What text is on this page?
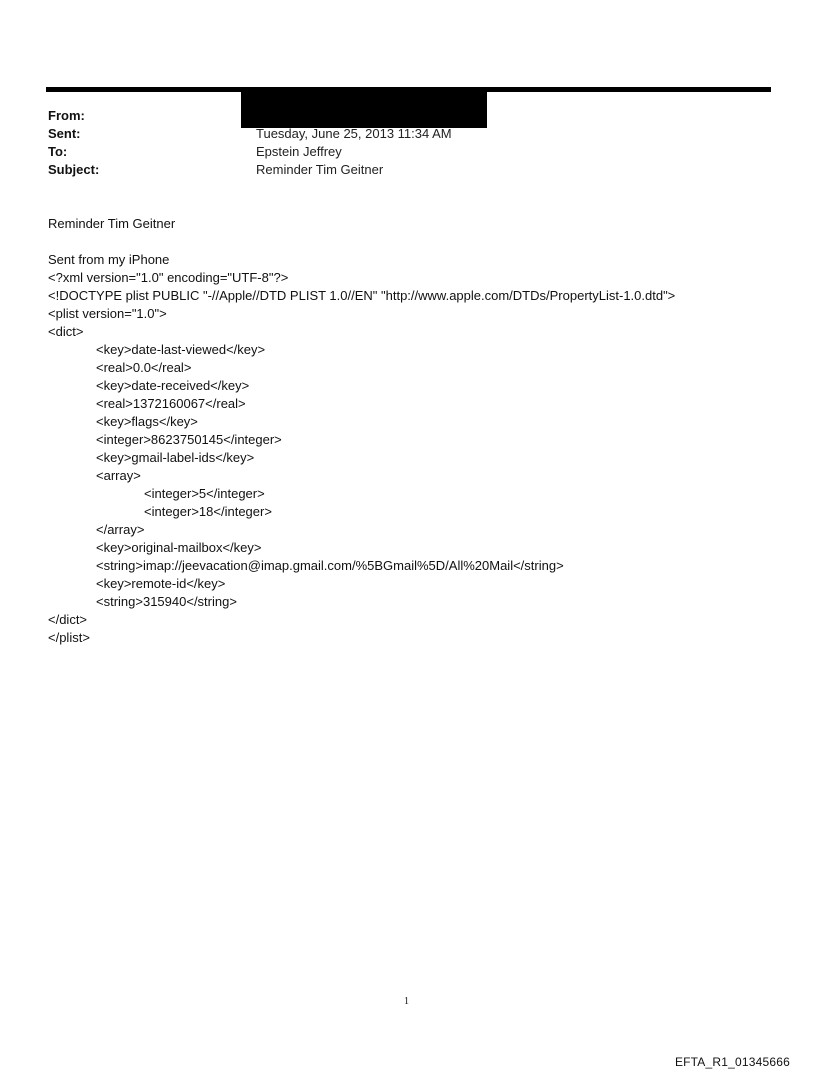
From:
Sent:	Tuesday, June 25, 2013 11:34 AM
To:	Epstein Jeffrey
Subject:	Reminder Tim Geitner
Reminder Tim Geitner
Sent from my iPhone
<?xml version="1.0" encoding="UTF-8"?>
<!DOCTYPE plist PUBLIC "-//Apple//DTD PLIST 1.0//EN" "http://www.apple.com/DTDs/PropertyList-1.0.dtd">
<plist version="1.0">
<dict>
<key>date-last-viewed</key>
<real>0.0</real>
<key>date-received</key>
<real>1372160067</real>
<key>flags</key>
<integer>8623750145</integer>
<key>gmail-label-ids</key>
<array>
<integer>5</integer>
<integer>18</integer>
</array>
<key>original-mailbox</key>
<string>imap://jeevacation@imap.gmail.com/%5BGmail%5D/All%20Mail</string>
<key>remote-id</key>
<string>315940</string>
</dict>
</plist>
1
EFTA_R1_01345666
